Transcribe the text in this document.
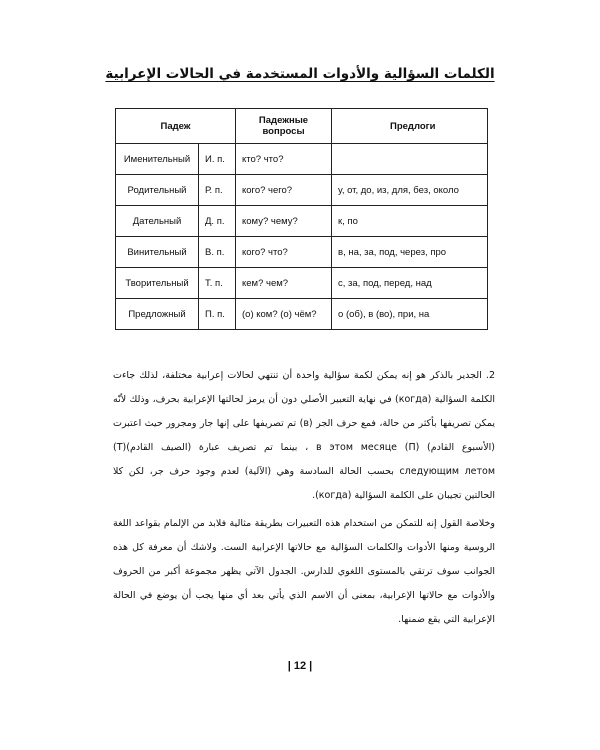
الكلمات السؤالية والأدوات المستخدمة في الحالات الإعرابية
Падеж		Падежные вопросы	Предлоги
Именительный	И. п.	кто? что?	
Родительный	Р. п.	кого? чего?	у, от, до, из, для, без, около
Дательный	Д. п.	кому? чему?	к, по
Винительный	В. п.	кого? что?	в, на, за, под, через, про
Творительный	Т. п.	кем? чем?	с, за, под, перед, над
Предложный	П. п.	(о) ком? (о) чём?	о (об), в (во), при, на

2. الجدير بالذكر هو إنه يمكن لكمة سؤالية واحدة أن تنتهي لحالات إعرابية مختلفة، لذلك جاءت الكلمة السؤالية (когда) في نهاية التعبير الأصلي دون أن يرمز لحالتها الإعرابية بحرف، وذلك لأنّه يمكن تصريفها بأكثر من حالة، فمع حرف الجر (в) تم تصريفها على إنها جار ومجرور حيث اعتبرت (الأسبوع القادم) в этом месяце (П) ، بينما تم تصريف عبارة (الصيف القادم)(Т) следующим летом بحسب الحالة السادسة وهي (الآلية) لعدم وجود حرف جر، لكن كلا الحالتين تجيبان على الكلمة السؤالية (когда).

وخلاصة القول إنه للتمكن من استخدام هذه التعبيرات بطريقة مثالية فلابد من الإلمام بقواعد اللغة الروسية ومنها الأدوات والكلمات السؤالية مع حالاتها الإعرابية الست. ولاشك أن معرفة كل هذه الجوانب سوف ترتقي بالمستوى اللغوي للدارس. الجدول الآتي يظهر مجموعة أكبر من الحروف والأدوات مع حالاتها الإعرابية، بمعنى أن الاسم الذي يأتي بعد أي منها يجب أن يوضع في الحالة الإعرابية التي يقع ضمنها.

| 12 |
